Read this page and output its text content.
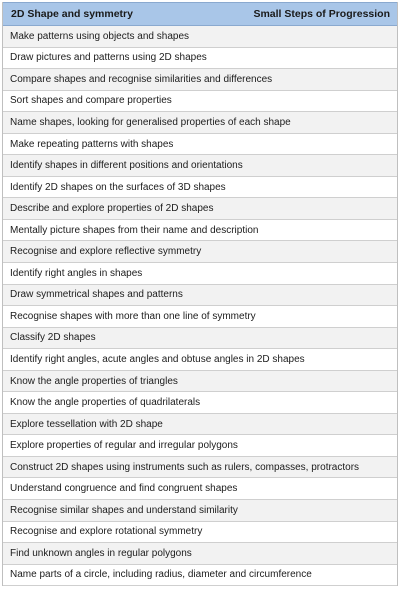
2D Shape and symmetry	Small Steps of Progression
Make patterns using objects and shapes
Draw pictures and patterns using 2D shapes
Compare shapes and recognise similarities and differences
Sort shapes and compare properties
Name shapes, looking for generalised properties of each shape
Make repeating patterns with shapes
Identify shapes in different positions and orientations
Identify 2D shapes on the surfaces of 3D shapes
Describe and explore properties of 2D shapes
Mentally picture shapes from their name and description
Recognise and explore reflective symmetry
Identify right angles in shapes
Draw symmetrical shapes and patterns
Recognise shapes with more than one line of symmetry
Classify 2D shapes
Identify right angles, acute angles and obtuse angles in 2D shapes
Know the angle properties of triangles
Know the angle properties of quadrilaterals
Explore tessellation with 2D shape
Explore properties of regular and irregular polygons
Construct 2D shapes using instruments such as rulers, compasses, protractors
Understand congruence and find congruent shapes
Recognise similar shapes and understand similarity
Recognise and explore rotational symmetry
Find unknown angles in regular polygons
Name parts of a circle, including radius, diameter and circumference
